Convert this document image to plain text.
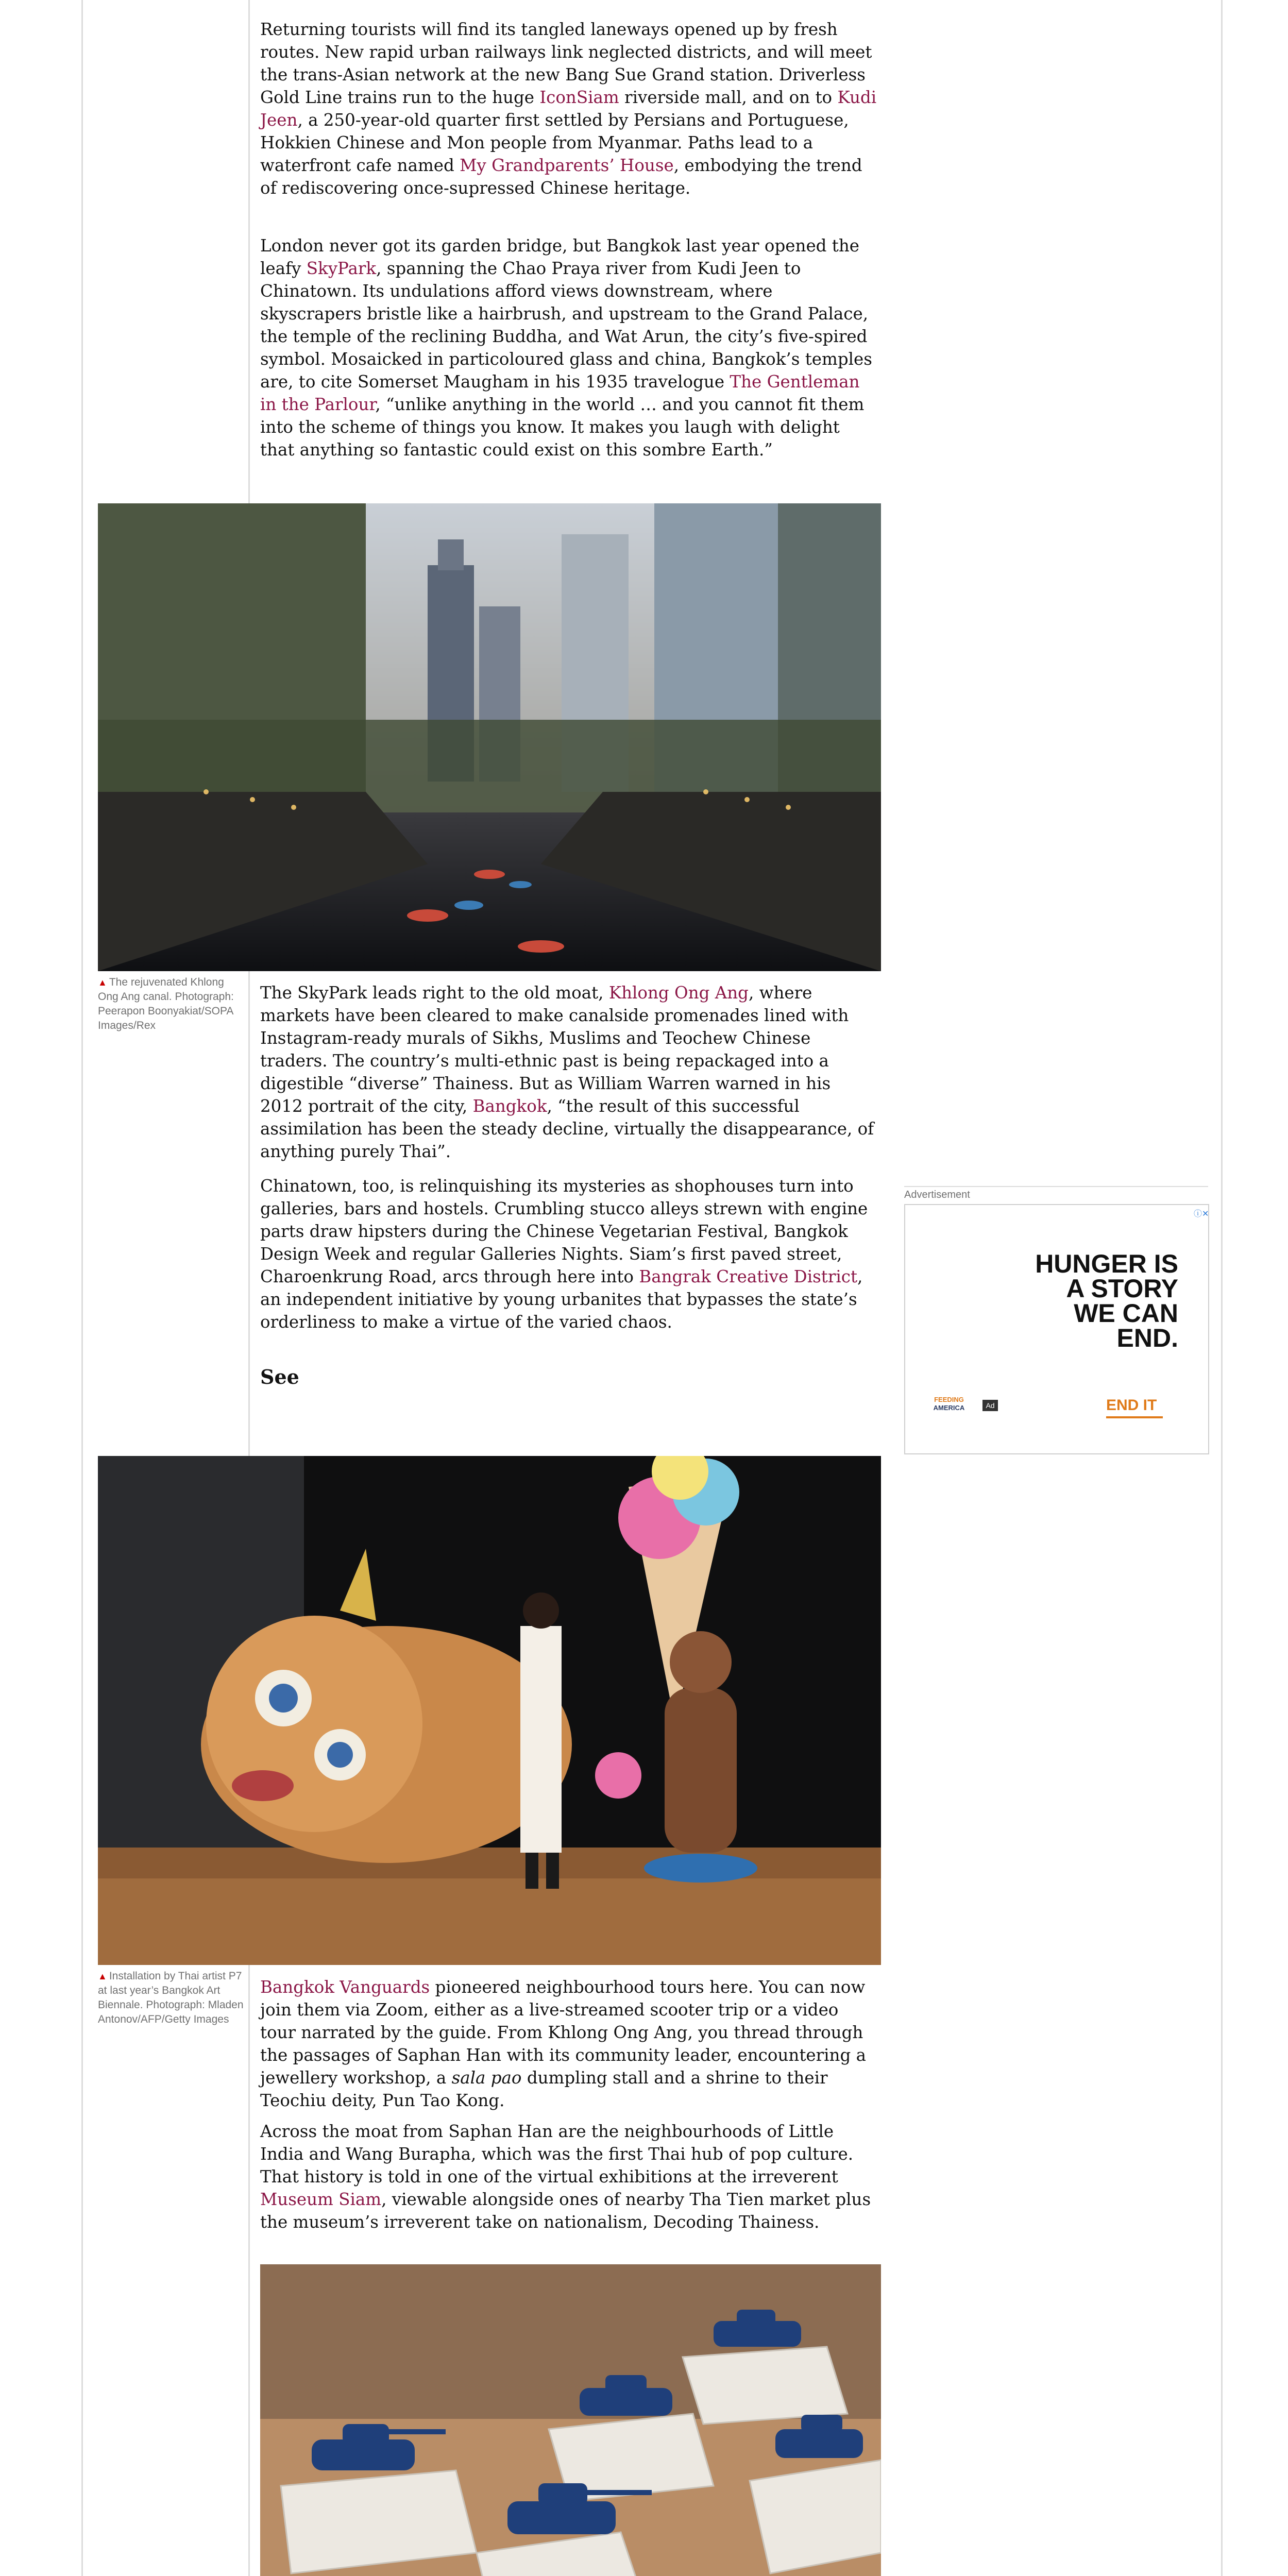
Returning tourists will find its tangled laneways opened up by fresh routes. New rapid urban railways link neglected districts, and will meet the trans-Asian network at the new Bang Sue Grand station. Driverless Gold Line trains run to the huge IconSiam riverside mall, and on to Kudi Jeen, a 250-year-old quarter first settled by Persians and Portuguese, Hokkien Chinese and Mon people from Myanmar. Paths lead to a waterfront cafe named My Grandparents’ House, embodying the trend of rediscovering once-supressed Chinese heritage.

London never got its garden bridge, but Bangkok last year opened the leafy SkyPark, spanning the Chao Praya river from Kudi Jeen to Chinatown. Its undulations afford views downstream, where skyscrapers bristle like a hairbrush, and upstream to the Grand Palace, the temple of the reclining Buddha, and Wat Arun, the city’s five-spired symbol. Mosaicked in particoloured glass and china, Bangkok’s temples are, to cite Somerset Maugham in his 1935 travelogue The Gentleman in the Parlour, “unlike anything in the world … and you cannot fit them into the scheme of things you know. It makes you laugh with delight that anything so fantastic could exist on this sombre Earth.”

▲ The rejuvenated Khlong Ong Ang canal. Photograph: Peerapon Boonyakiat/SOPA Images/Rex

The SkyPark leads right to the old moat, Khlong Ong Ang, where markets have been cleared to make canalside promenades lined with Instagram-ready murals of Sikhs, Muslims and Teochew Chinese traders. The country’s multi-ethnic past is being repackaged into a digestible “diverse” Thainess. But as William Warren warned in his 2012 portrait of the city, Bangkok, “the result of this successful assimilation has been the steady decline, virtually the disappearance, of anything purely Thai”.

Chinatown, too, is relinquishing its mysteries as shophouses turn into galleries, bars and hostels. Crumbling stucco alleys strewn with engine parts draw hipsters during the Chinese Vegetarian Festival, Bangkok Design Week and regular Galleries Nights. Siam’s first paved street, Charoenkrung Road, arcs through here into Bangrak Creative District, an independent initiative by young urbanites that bypasses the state’s orderliness to make a virtue of the varied chaos.

See
Advertisement
ⓘ ✕
HUNGER IS A STORY WE CAN END.
FEEDING
AMERICA	Ad	END IT
▲ Installation by Thai artist P7 at last year’s Bangkok Art Biennale. Photograph: Mladen Antonov/AFP/Getty Images

Bangkok Vanguards pioneered neighbourhood tours here. You can now join them via Zoom, either as a live-streamed scooter trip or a video tour narrated by the guide. From Khlong Ong Ang, you thread through the passages of Saphan Han with its community leader, encountering a jewellery workshop, a sala pao dumpling stall and a shrine to their Teochiu deity, Pun Tao Kong.

Across the moat from Saphan Han are the neighbourhoods of Little India and Wang Burapha, which was the first Thai hub of pop culture. That history is told in one of the virtual exhibitions at the irreverent Museum Siam, viewable alongside ones of nearby Tha Tien market plus the museum’s irreverent take on nationalism, Decoding Thainess.
